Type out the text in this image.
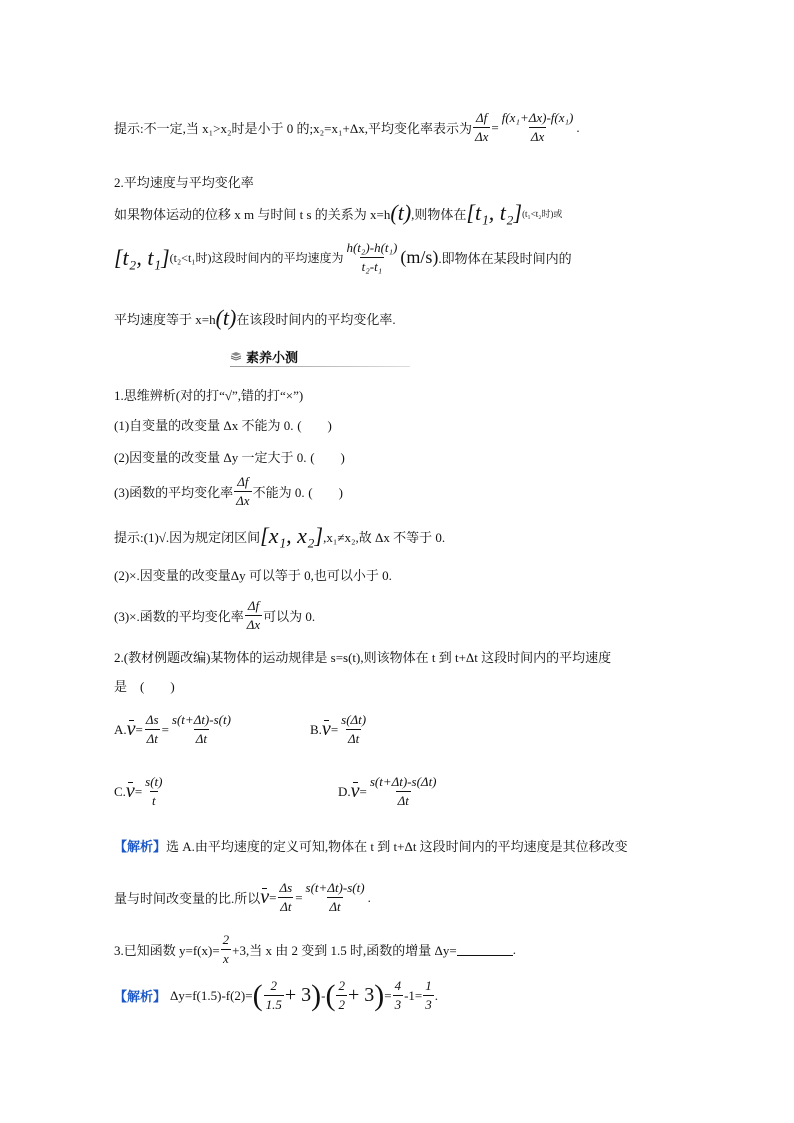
提示:不一定,当 x₁>x₂时是小于 0 的;x₂=x₁+Δx,平均变化率表示为 $\frac{\Delta f}{\Delta x} = \frac{\text{f(x₁+Δx)-f(x₁)}}{\Delta x}$ .
2.平均速度与平均变化率
如果物体运动的位移 x m 与时间 t s 的关系为 x=h (t) ,则物体在 [t₁, t₂] (t₁<t₂时)或
[t₂, t₁] (t₂<t₁时)这段时间内的平均速度为 $\frac{\text{h(t₂)-h(t₁)}}{\text{t₂-t₁}} (m/s)$ .即物体在某段时间内的
平均速度等于 x=h (t) 在该段时间内的平均变化率.
素养小测
1.思维辨析(对的打“√”,错的打“×”)
(1)自变量的改变量 Δx 不能为 0. (　　)
(2)因变量的改变量 Δy 一定大于 0. (　　)
(3)函数的平均变化率 $\frac{\Delta f}{\Delta x}$ 不能为 0. (　　)
提示:(1)√.因为规定闭区间 [x₁, x₂] ,x₁≠x₂,故 Δx 不等于 0.
(2)×.因变量的改变量Δy 可以等于 0,也可以小于 0.
(3)×.函数的平均变化率 $\frac{\Delta f}{\Delta x}$ 可以为 0.
2.(教材例题改编)某物体的运动规律是 s=s(t),则该物体在 t 到 t+Δt 这段时间内的平均速度
是　(　　)
A. $v = \frac{\Delta s}{\Delta t} = \frac{s(t+\Delta t)-s(t)}{\Delta t}$	B. $v = \frac{s(\Delta t)}{\Delta t}$
C. $v = \frac{s(t)}{t}$	D. $v = \frac{s(t+\Delta t)-s(\Delta t)}{\Delta t}$
【解析】 选 A.由平均速度的定义可知,物体在 t 到 t+Δt 这段时间内的平均速度是其位移改变
量与时间改变量的比.所以 $v = \frac{\Delta s}{\Delta t} = \frac{s(t+\Delta t)-s(t)}{\Delta t}$ .
3.已知函数 $y=f(x)= \frac{2}{x} +3$,当 x 由 2 变到 1.5 时,函数的增量 Δy=	.
【解析】 Δy=f(1.5)-f(2)= ( $\frac{2}{1.5} + 3$ ) - ( $\frac{2}{2} + 3$ ) = $\frac{4}{3} -1= \frac{1}{3}$ .
